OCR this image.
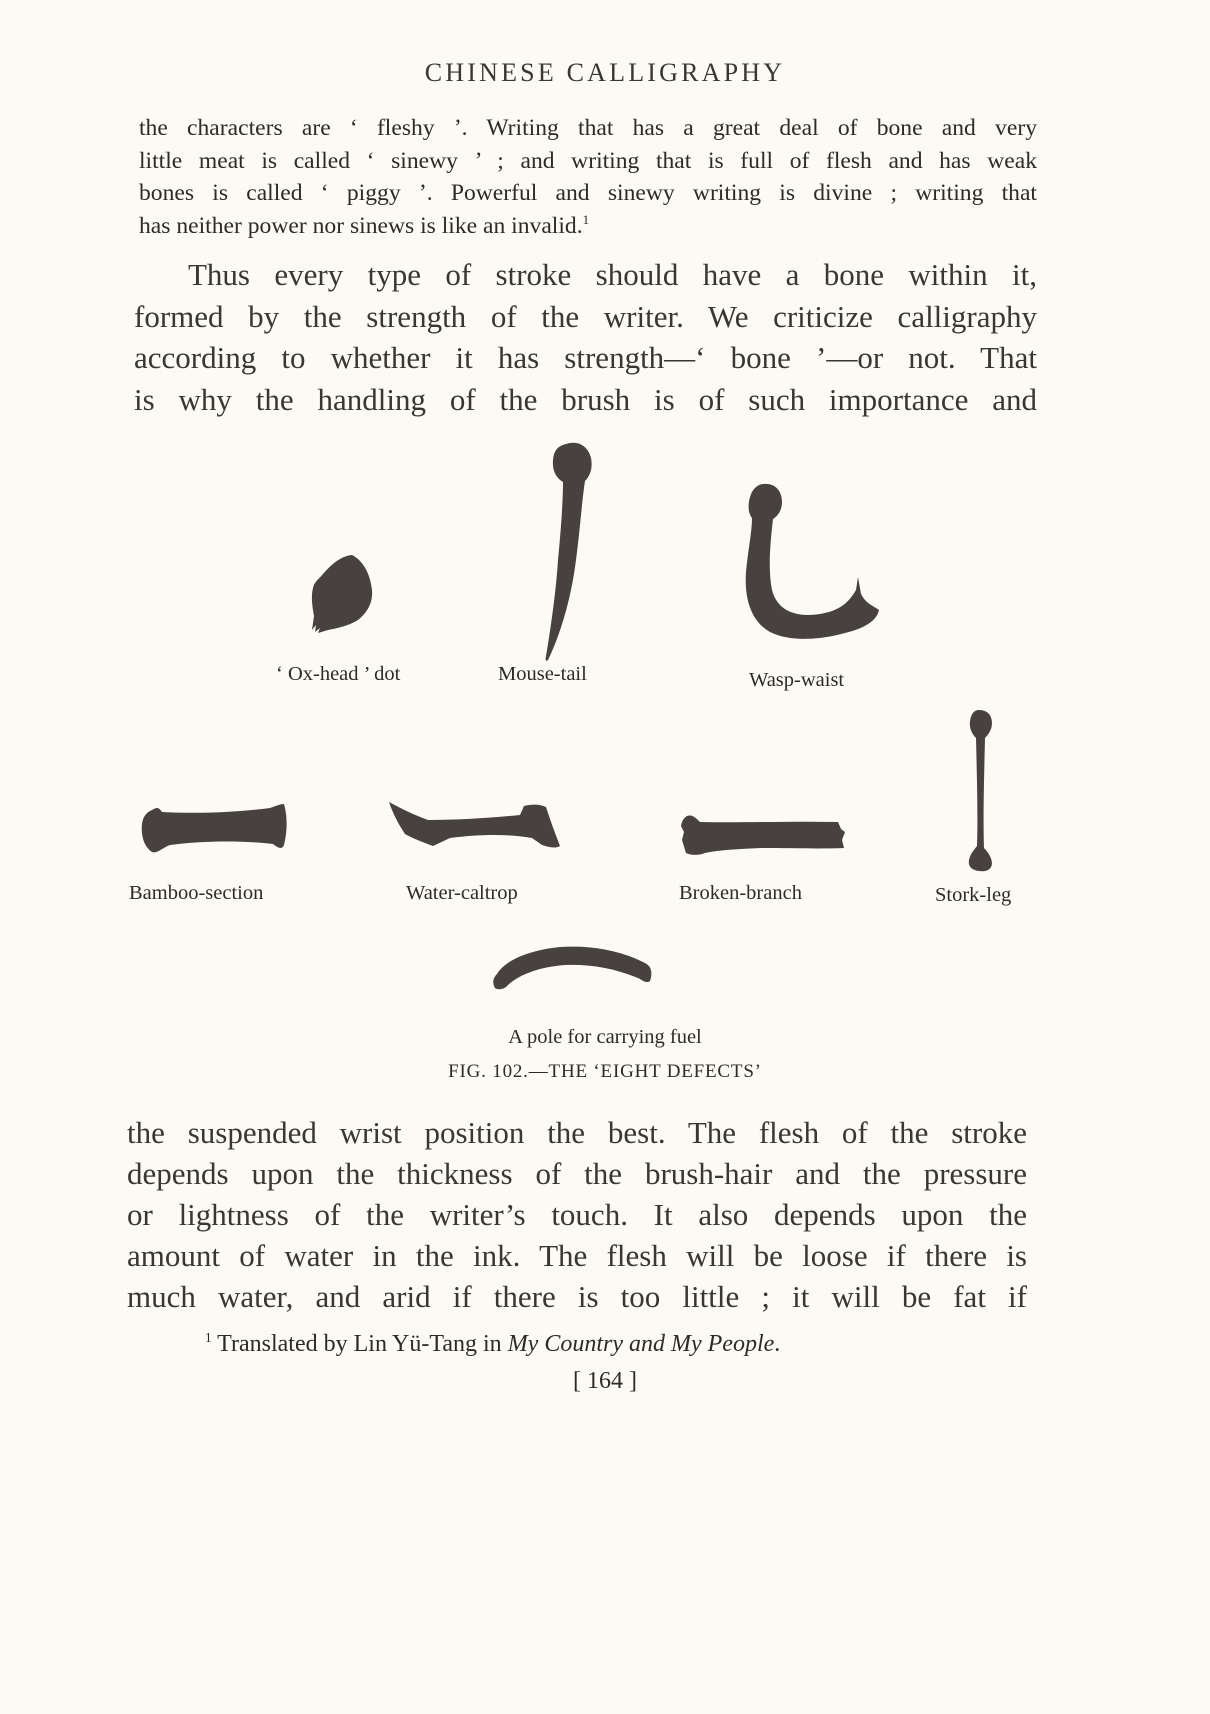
CHINESE CALLIGRAPHY
the characters are ‘ fleshy ’. Writing that has a great deal of bone and very
little meat is called ‘ sinewy ’ ; and writing that is full of flesh and has weak
bones is called ‘ piggy ’. Powerful and sinewy writing is divine ; writing that
has neither power nor sinews is like an invalid.$^1$
Thus every type of stroke should have a bone within it,
formed by the strength of the writer. We criticize calligraphy
according to whether it has strength—‘ bone ’—or not. That
is why the handling of the brush is of such importance and
‘ Ox-head ’ dot	Mouse-tail	Wasp-waist
Bamboo-section	Water-caltrop	Broken-branch	Stork-leg
A pole for carrying fuel
FIG. 102.—THE ‘EIGHT DEFECTS’
the suspended wrist position the best. The flesh of the stroke
depends upon the thickness of the brush-hair and the pressure
or lightness of the writer’s touch. It also depends upon the
amount of water in the ink. The flesh will be loose if there is
much water, and arid if there is too little ; it will be fat if
$^1$ Translated by Lin Yü-Tang in My Country and My People.
[ 164 ]
